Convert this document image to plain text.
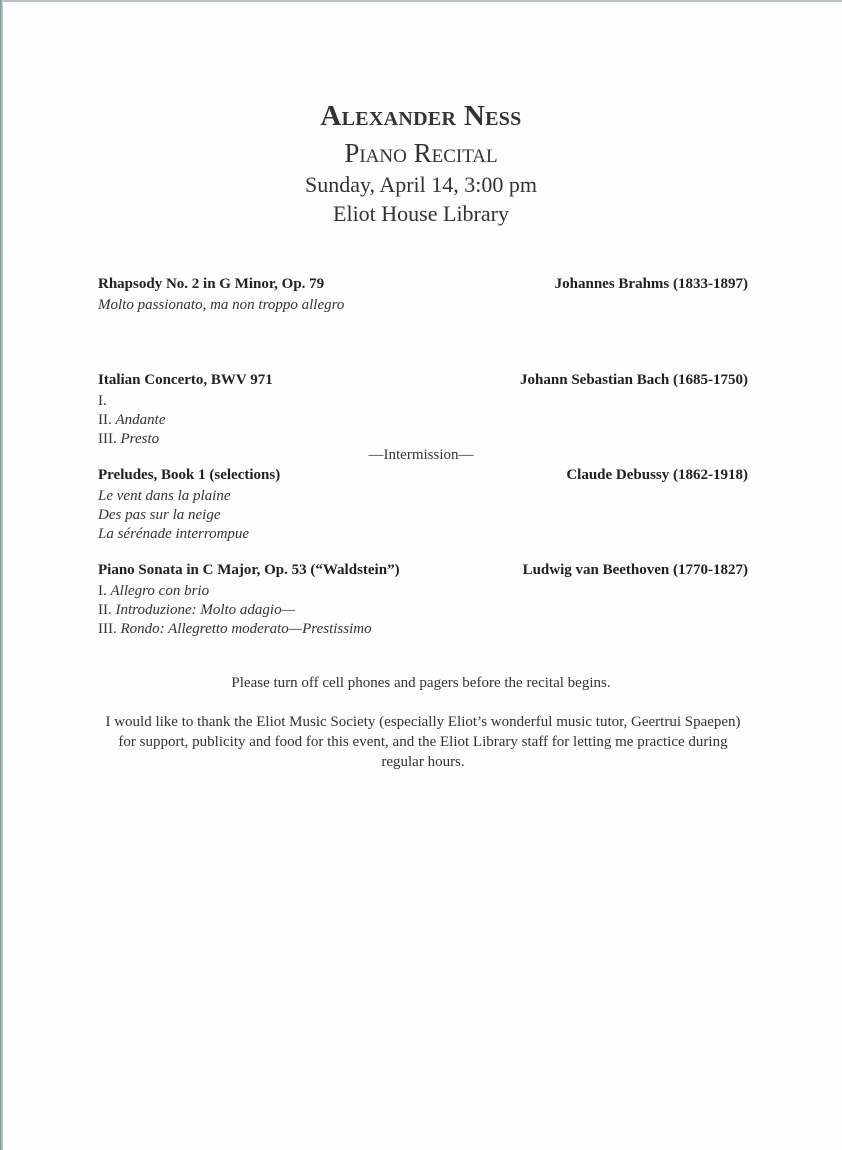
Alexander Ness
Piano Recital
Sunday, April 14, 3:00 pm
Eliot House Library
Rhapsody No. 2 in G Minor, Op. 79	Johannes Brahms (1833-1897)
Molto passionato, ma non troppo allegro
Italian Concerto, BWV 971	Johann Sebastian Bach (1685-1750)
I.
II. Andante
III. Presto
—Intermission—
Preludes, Book 1 (selections)	Claude Debussy (1862-1918)
Le vent dans la plaine
Des pas sur la neige
La sérénade interrompue
Piano Sonata in C Major, Op. 53 (“Waldstein”)	Ludwig van Beethoven (1770-1827)
I. Allegro con brio
II. Introduzione: Molto adagio—
III. Rondo: Allegretto moderato—Prestissimo
Please turn off cell phones and pagers before the recital begins.
I would like to thank the Eliot Music Society (especially Eliot’s wonderful music tutor, Geertrui Spaepen) for support, publicity and food for this event, and the Eliot Library staff for letting me practice during regular hours.
